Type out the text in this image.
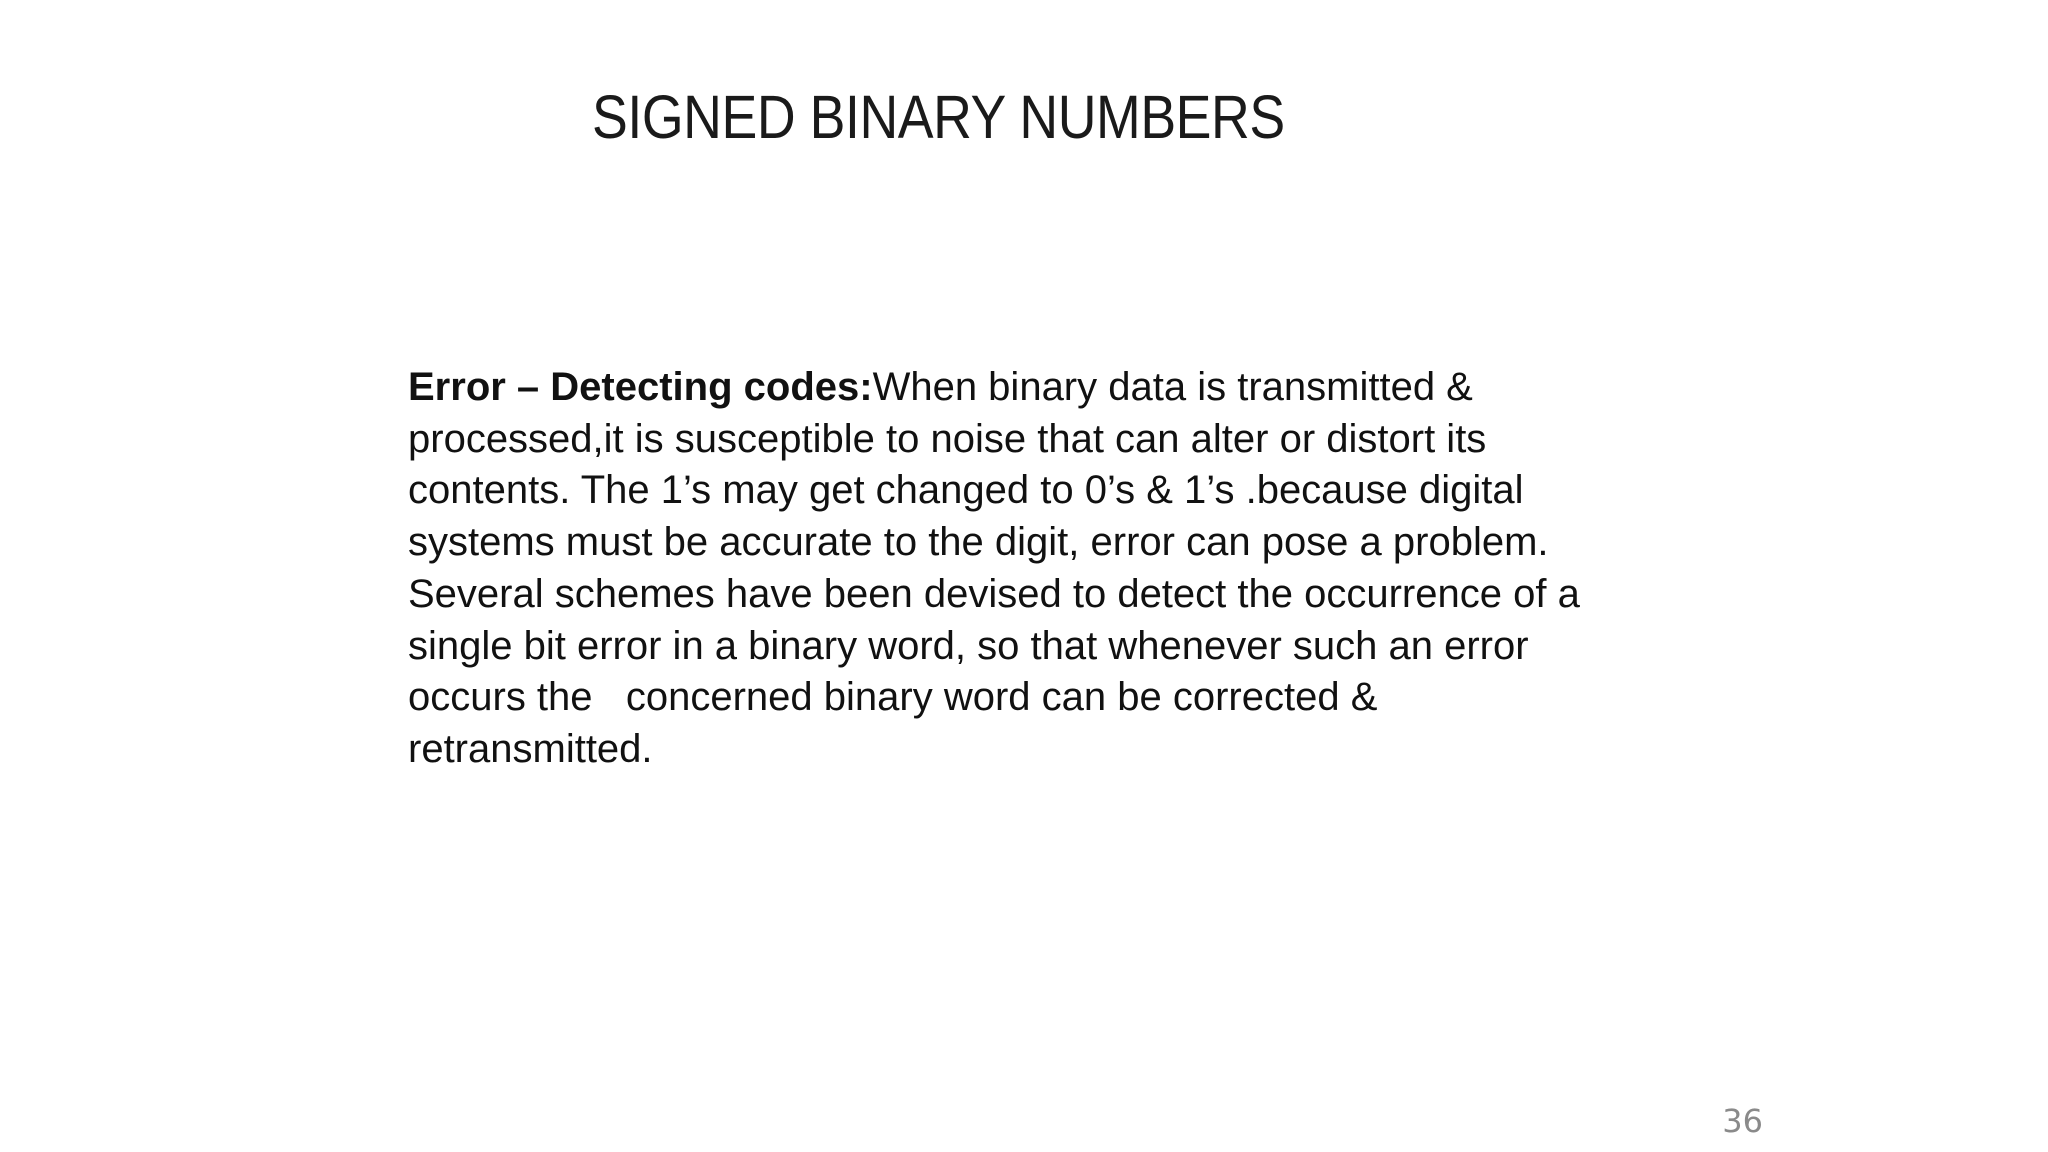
SIGNED BINARY NUMBERS
Error – Detecting codes:When binary data is transmitted &
processed,it is susceptible to noise that can alter or distort its
contents. The 1’s may get changed to 0’s & 1’s .because digital
systems must be accurate to the digit, error can pose a problem.
Several schemes have been devised to detect the occurrence of a
single bit error in a binary word, so that whenever such an error
occurs the   concerned binary word can be corrected &
retransmitted.
36
